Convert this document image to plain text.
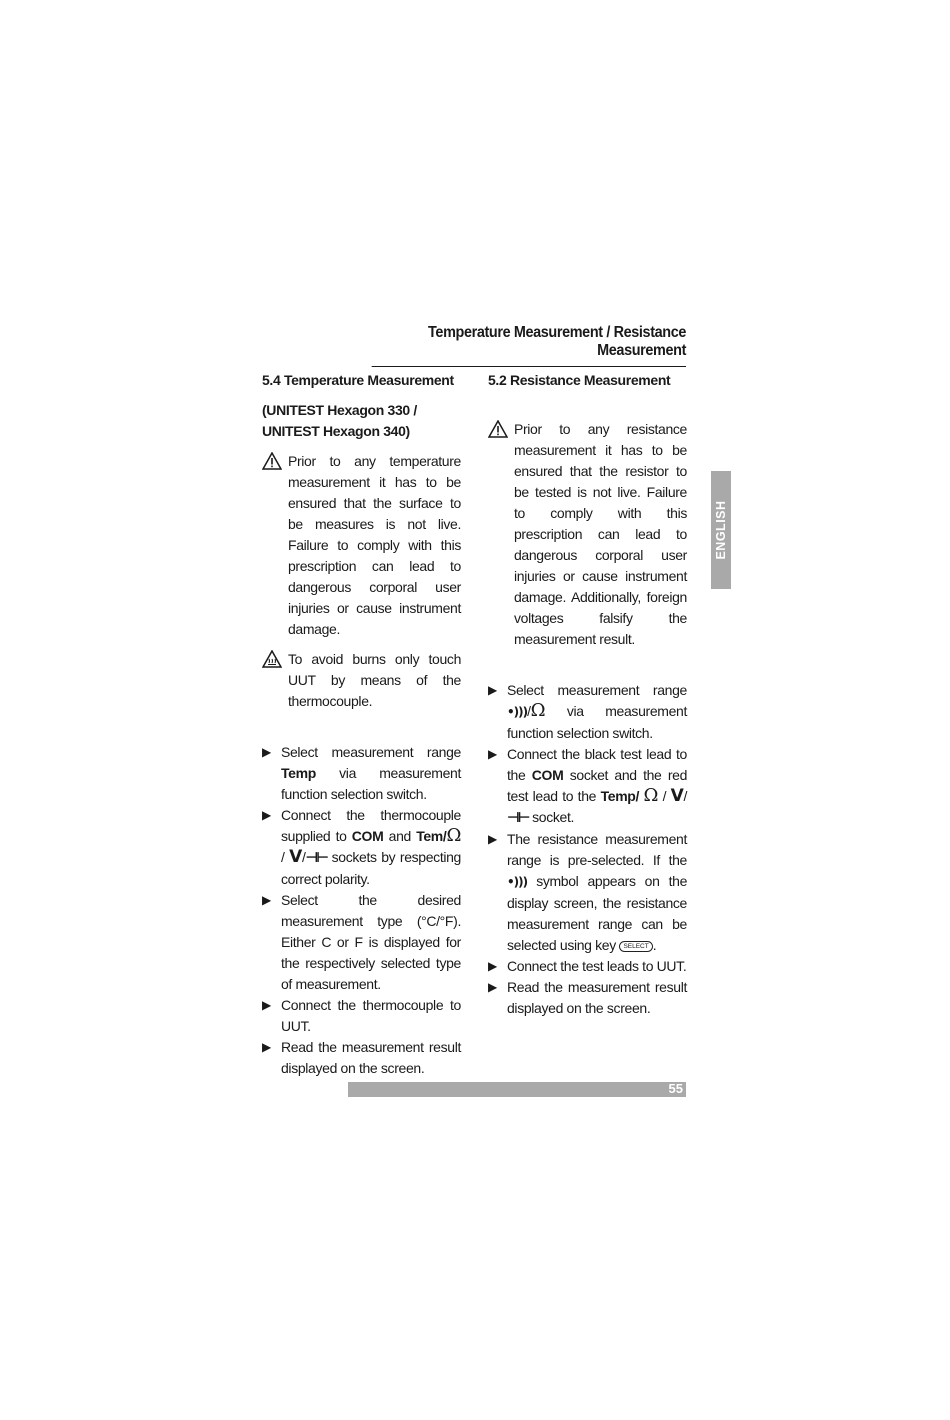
Temperature Measurement / Resistance Measurement
ENGLISH
5.4 Temperature Measurement
(UNITEST Hexagon 330 /
UNITEST Hexagon 340)
Prior to any temperature measurement it has to be ensured that the surface to be measures is not live. Failure to comply with this prescription can lead to dangerous corporal user injuries or cause instrument damage.
To avoid burns only touch UUT by means of the thermocouple.
▶ Select measurement range Temp via measurement function selection switch.
▶ Connect the thermocouple supplied to COM and Tem/Ω / V/⊣⊢ sockets by respecting correct polarity.
▶ Select the desired measurement type (°C/°F). Either C or F is displayed for the respectively selected type of measurement.
▶ Connect the thermocouple to UUT.
▶ Read the measurement result displayed on the screen.
5.2 Resistance Measurement
Prior to any resistance measurement it has to be ensured that the resistor to be tested is not live. Failure to comply with this prescription can lead to dangerous corporal user injuries or cause instrument damage. Additionally, foreign voltages falsify the measurement result.
▶ Select measurement range •)))/Ω via measurement function selection switch.
▶ Connect the black test lead to the COM socket and the red test lead to the Temp/ Ω / V/⊣⊢ socket.
▶ The resistance measurement range is pre-selected. If the •))) symbol appears on the display screen, the resistance measurement range can be selected using key SELECT .
▶ Connect the test leads to UUT.
▶ Read the measurement result displayed on the screen.
55
